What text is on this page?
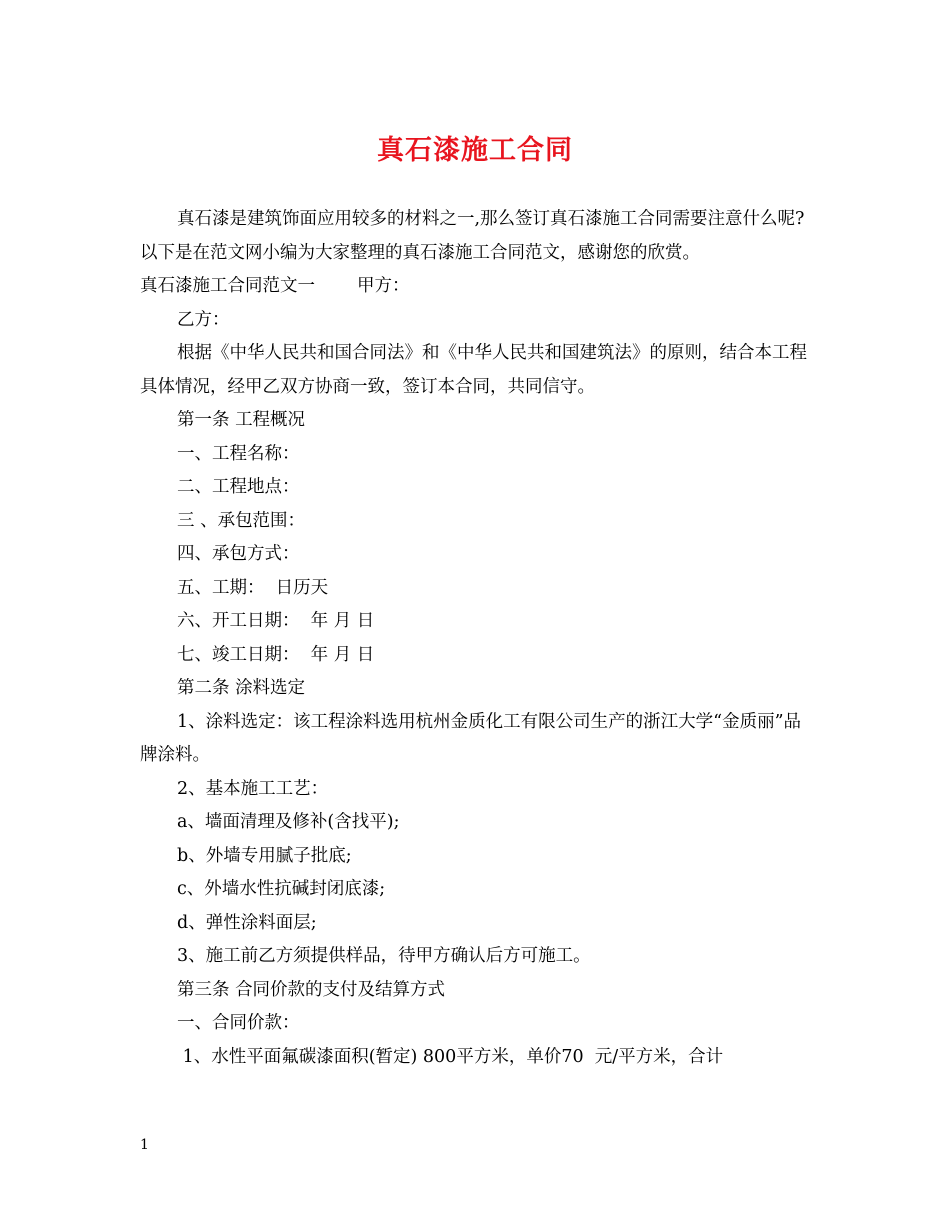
真石漆施工合同

真石漆是建筑饰面应用较多的材料之一,那么签订真石漆施工合同需要注意什么呢?以下是在范文网小编为大家整理的真石漆施工合同范文，感谢您的欣赏。

真石漆施工合同范文一 甲方：

乙方：

根据《中华人民共和国合同法》和《中华人民共和国建筑法》的原则，结合本工程具体情况，经甲乙双方协商一致，签订本合同，共同信守。

第一条 工程概况

一、工程名称：

二、工程地点：

三 、承包范围：

四、承包方式：

五、工期：  日历天

六、开工日期：  年 月 日

七、竣工日期：  年 月 日

第二条 涂料选定

1、涂料选定：该工程涂料选用杭州金质化工有限公司生产的浙江大学“金质丽”品牌涂料。

2、基本施工工艺：

a、墙面清理及修补(含找平);

b、外墙专用腻子批底;

c、外墙水性抗碱封闭底漆;

d、弹性涂料面层;

3、施工前乙方须提供样品，待甲方确认后方可施工。

第三条 合同价款的支付及结算方式

一、合同价款：

1、水性平面氟碳漆面积(暂定) 800平方米，单价70  元/平方米，合计

1
